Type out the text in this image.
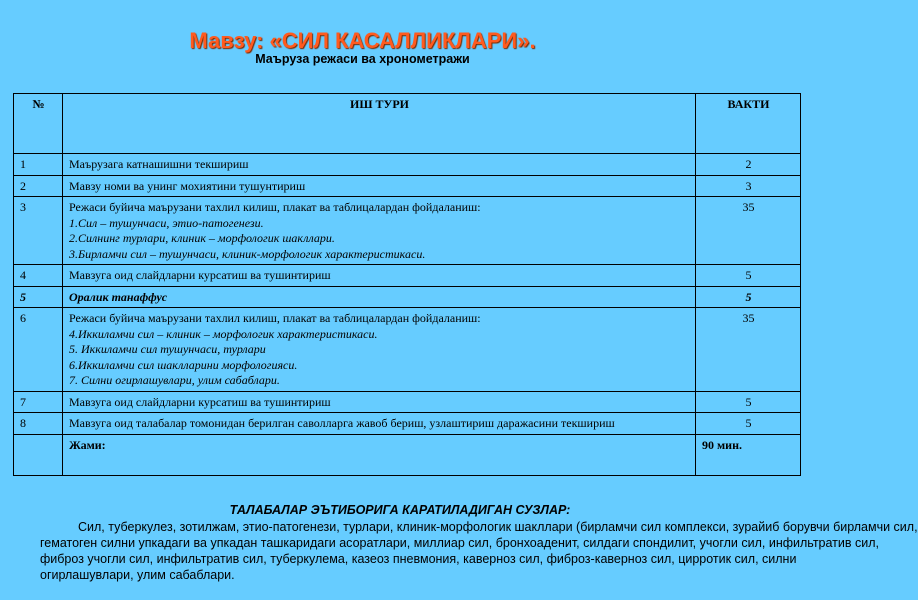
Мавзу: «СИЛ КАСАЛЛИКЛАРИ».
Маърузa режаси ва хронометражи
№	ИШ ТУРИ	ВАКТИ
1	Маърузага катнашишни текшириш	2
2	Мавзу номи ва унинг мохиятини тушунтириш	3
3	Режаси буйича маърузани тахлил килиш, плакат ва таблицалардан фойдаланиш:
1.Сил – тушунчаси, этио-патогенези.
2.Силнинг турлари, клиник – морфологик шакллари.
3.Бирламчи сил – тушунчаси, клиник-морфологик характеристикаси.	35
4	Мавзуга оид слайдларни курсатиш ва тушинтириш	5
5	Оралик танаффус	5
6	Режаси буйича маърузани тахлил килиш, плакат ва таблицалардан фойдаланиш:
4.Иккиламчи сил – клиник – морфологик характеристикаси.
5. Иккиламчи сил тушунчаси, турлари
6.Иккиламчи сил шаклларини морфологияси.
7. Силни огирлашувлари, улим сабаблари.	35
7	Мавзуга оид слайдларни курсатиш ва тушинтириш	5
8	Мавзуга оид талабалар томонидан берилган саволларга жавоб бериш, узлаштириш даражасини текшириш	5
	Жами:	90 мин.
ТАЛАБАЛАР ЭЪТИБОРИГА КАРАТИЛАДИГАН СУЗЛАР:
Сил, туберкулез, зотилжам, этио-патогенези, турлари, клиник-морфологик шакллари (бирламчи сил комплекси, зурайиб борувчи бирламчи сил,
гематоген силни упкадаги ва упкадан ташкаридаги асоратлари, миллиар сил, бронхоаденит, силдаги спондилит, учогли сил, инфильтратив сил,
фиброз учогли сил, инфильтратив сил, туберкулема, казеоз пневмония, каверноз сил, фиброз-каверноз сил, цирротик сил, силни
огирлашувлари, улим сабаблари.
